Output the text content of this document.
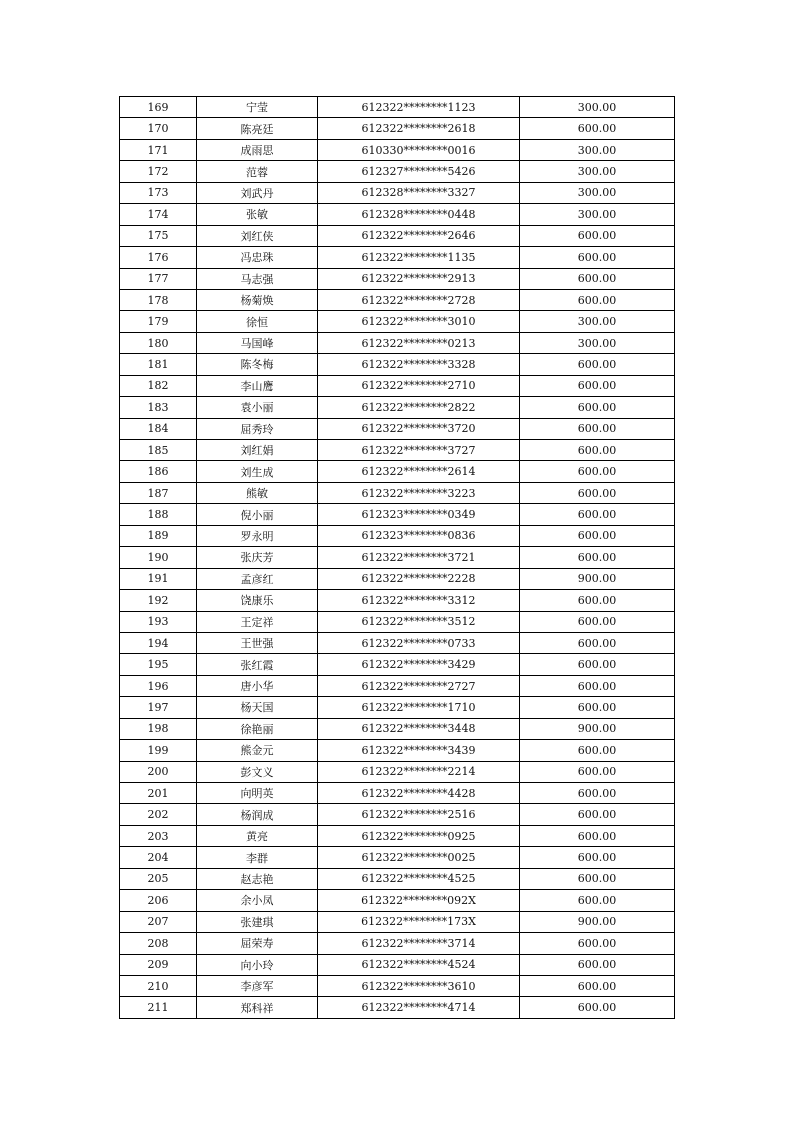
169	宁莹	612322********1123	300.00
170	陈亮廷	612322********2618	600.00
171	成雨思	610330********0016	300.00
172	范蓉	612327********5426	300.00
173	刘武丹	612328********3327	300.00
174	张敏	612328********0448	300.00
175	刘红侠	612322********2646	600.00
176	冯忠珠	612322********1135	600.00
177	马志强	612322********2913	600.00
178	杨菊焕	612322********2728	600.00
179	徐恒	612322********3010	300.00
180	马国峰	612322********0213	300.00
181	陈冬梅	612322********3328	600.00
182	李山鹰	612322********2710	600.00
183	袁小丽	612322********2822	600.00
184	屈秀玲	612322********3720	600.00
185	刘红娟	612322********3727	600.00
186	刘生成	612322********2614	600.00
187	熊敏	612322********3223	600.00
188	倪小丽	612323********0349	600.00
189	罗永明	612323********0836	600.00
190	张庆芳	612322********3721	600.00
191	孟彦红	612322********2228	900.00
192	饶康乐	612322********3312	600.00
193	王定祥	612322********3512	600.00
194	王世强	612322********0733	600.00
195	张红霞	612322********3429	600.00
196	唐小华	612322********2727	600.00
197	杨天国	612322********1710	600.00
198	徐艳丽	612322********3448	900.00
199	熊金元	612322********3439	600.00
200	彭文义	612322********2214	600.00
201	向明英	612322********4428	600.00
202	杨润成	612322********2516	600.00
203	黄亮	612322********0925	600.00
204	李群	612322********0025	600.00
205	赵志艳	612322********4525	600.00
206	余小凤	612322********092X	600.00
207	张建琪	612322********173X	900.00
208	屈荣寿	612322********3714	600.00
209	向小玲	612322********4524	600.00
210	李彦军	612322********3610	600.00
211	郑科祥	612322********4714	600.00
